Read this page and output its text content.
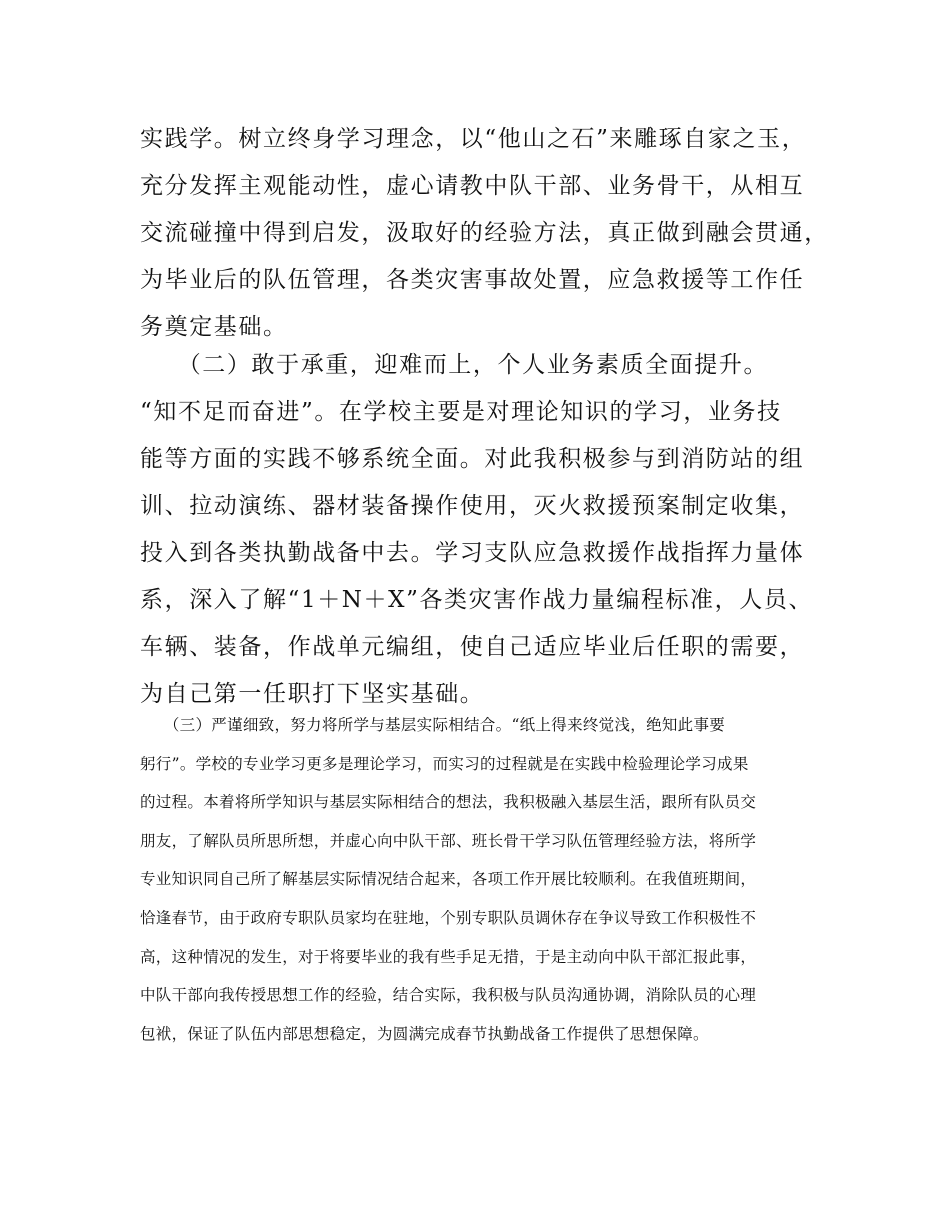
实践学。树立终身学习理念，以“他山之石”来雕琢自家之玉，
充分发挥主观能动性，虚心请教中队干部、业务骨干，从相互
交流碰撞中得到启发，汲取好的经验方法，真正做到融会贯通，
为毕业后的队伍管理，各类灾害事故处置，应急救援等工作任
务奠定基础。
　　（二）敢于承重，迎难而上，个人业务素质全面提升。
“知不足而奋进”。在学校主要是对理论知识的学习，业务技
能等方面的实践不够系统全面。对此我积极参与到消防站的组
训、拉动演练、器材装备操作使用，灭火救援预案制定收集，
投入到各类执勤战备中去。学习支队应急救援作战指挥力量体
系，深入了解“1＋N＋X”各类灾害作战力量编程标准，人员、
车辆、装备，作战单元编组，使自己适应毕业后任职的需要，
为自己第一任职打下坚实基础。
　　（三）严谨细致，努力将所学与基层实际相结合。“纸上得来终觉浅，绝知此事要
躬行”。学校的专业学习更多是理论学习，而实习的过程就是在实践中检验理论学习成果
的过程。本着将所学知识与基层实际相结合的想法，我积极融入基层生活，跟所有队员交
朋友，了解队员所思所想，并虚心向中队干部、班长骨干学习队伍管理经验方法，将所学
专业知识同自己所了解基层实际情况结合起来，各项工作开展比较顺利。在我值班期间，
恰逢春节，由于政府专职队员家均在驻地，个别专职队员调休存在争议导致工作积极性不
高，这种情况的发生，对于将要毕业的我有些手足无措，于是主动向中队干部汇报此事，
中队干部向我传授思想工作的经验，结合实际，我积极与队员沟通协调，消除队员的心理
包袱，保证了队伍内部思想稳定，为圆满完成春节执勤战备工作提供了思想保障。
